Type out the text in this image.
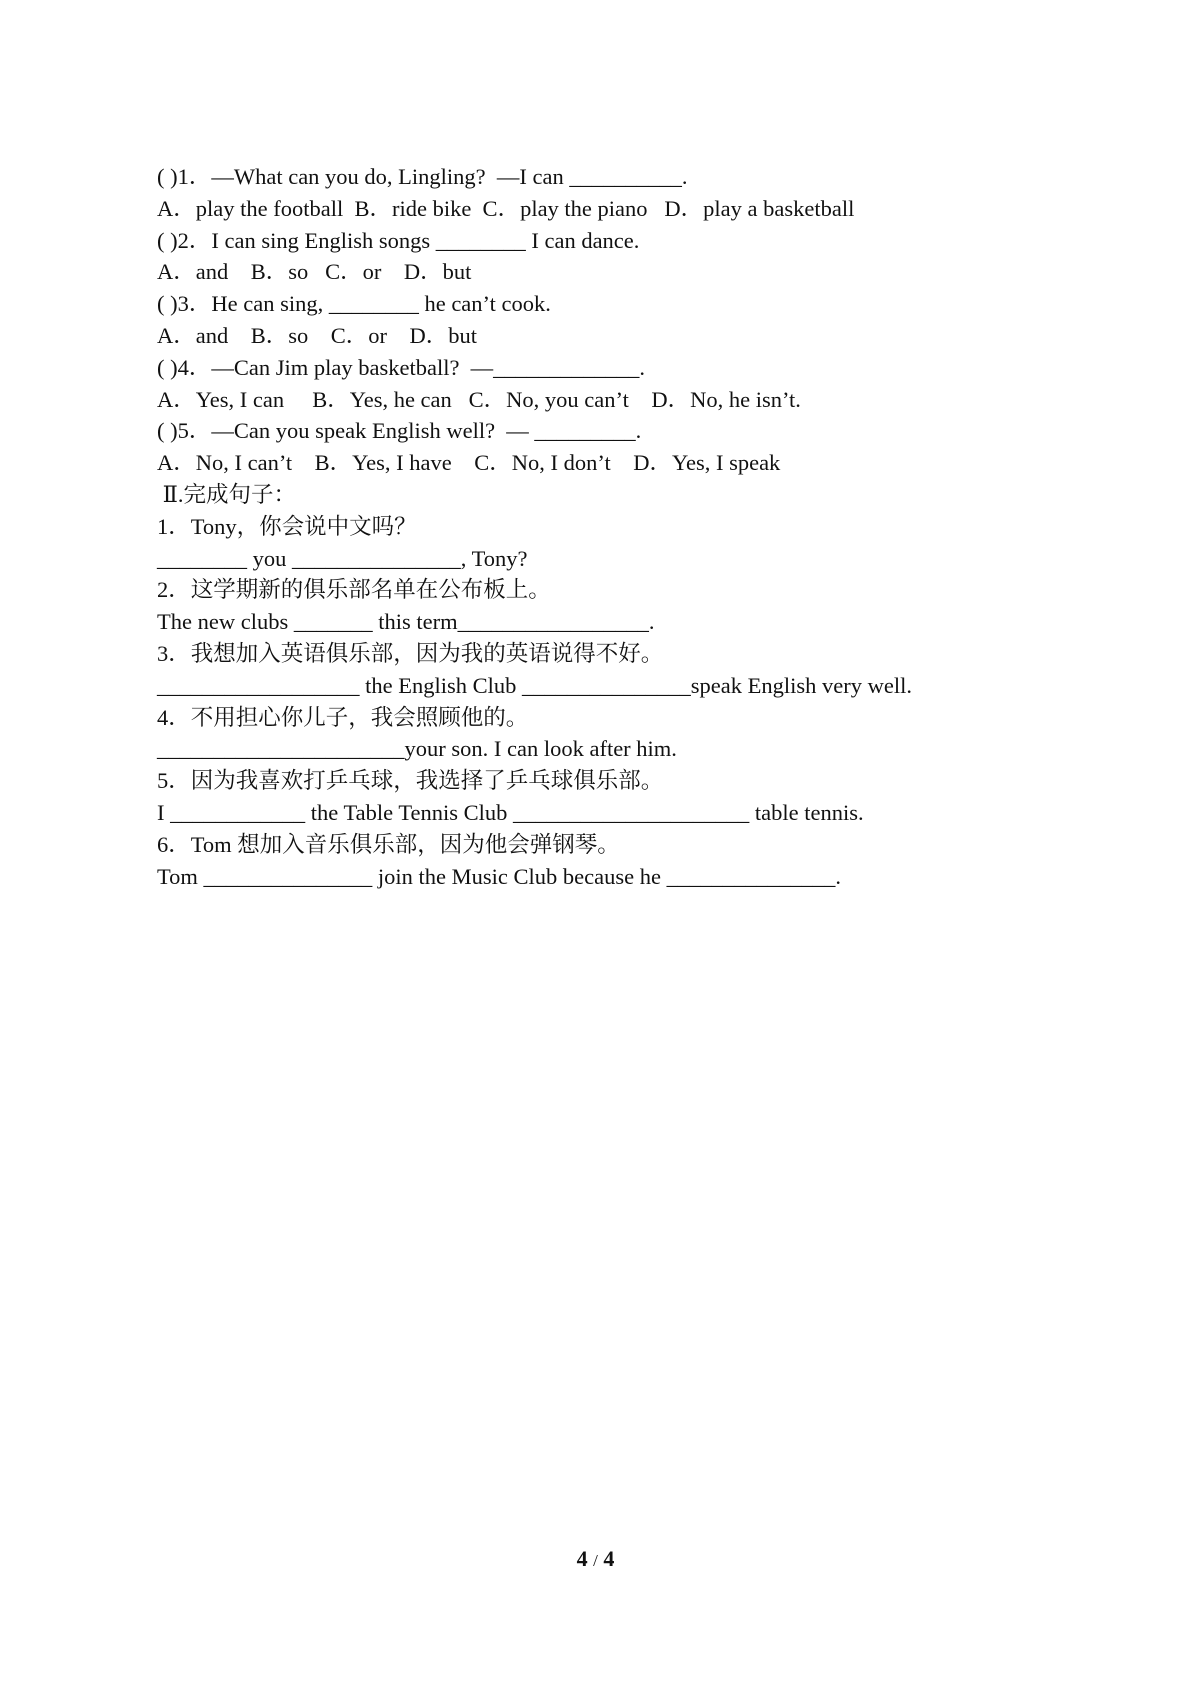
( )1．—What can you do, Lingling?  —I can __________.
A．play the football  B．ride bike  C．play the piano   D．play a basketball
( )2．I can sing English songs ________ I can dance.
A．and    B．so   C．or    D．but
( )3．He can sing, ________ he can’t cook.
A．and    B．so    C．or    D．but
( )4．—Can Jim play basketball?  —_____________.
A．Yes, I can     B．Yes, he can   C．No, you can’t    D．No, he isn’t.
( )5．—Can you speak English well?  — _________.
A．No, I can’t    B．Yes, I have    C．No, I don’t    D．Yes, I speak
Ⅱ.完成句子：
1．Tony，你会说中文吗？
________ you _______________, Tony?
2．这学期新的俱乐部名单在公布板上。
The new clubs _______ this term_________________.
3．我想加入英语俱乐部，因为我的英语说得不好。
__________________ the English Club _______________speak English very well.
4．不用担心你儿子，我会照顾他的。
______________________your son. I can look after him.
5．因为我喜欢打乒乓球，我选择了乒乓球俱乐部。
I ____________ the Table Tennis Club _____________________ table tennis.
6．Tom 想加入音乐俱乐部，因为他会弹钢琴。
Tom _______________ join the Music Club because he _______________.
4 / 4
